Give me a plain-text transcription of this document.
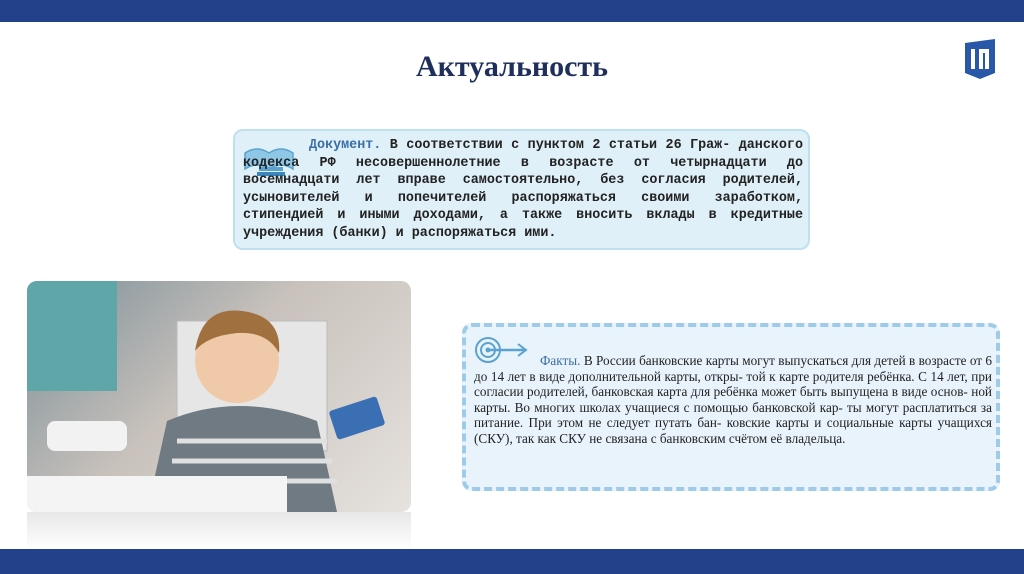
Актуальность
Документ. В соответствии с пунктом 2 статьи 26 Граж- данского кодекса РФ несовершеннолетние в возрасте от четырнадцати до восемнадцати лет вправе самостоятельно, без согласия родителей, усыновителей и попечителей распоряжаться своими заработком, стипендией и иными доходами, а также вносить вклады в кредитные учреждения (банки) и распоряжаться ими.
Факты. В России банковские карты могут выпускаться для детей в возрасте от 6 до 14 лет в виде дополнительной карты, откры- той к карте родителя ребёнка. С 14 лет, при согласии родителей, банковская карта для ребёнка может быть выпущена в виде основ- ной карты. Во многих школах учащиеся с помощью банковской кар- ты могут расплатиться за питание. При этом не следует путать бан- ковские карты и социальные карты учащихся (СКУ), так как СКУ не связана с банковским счётом её владельца.
